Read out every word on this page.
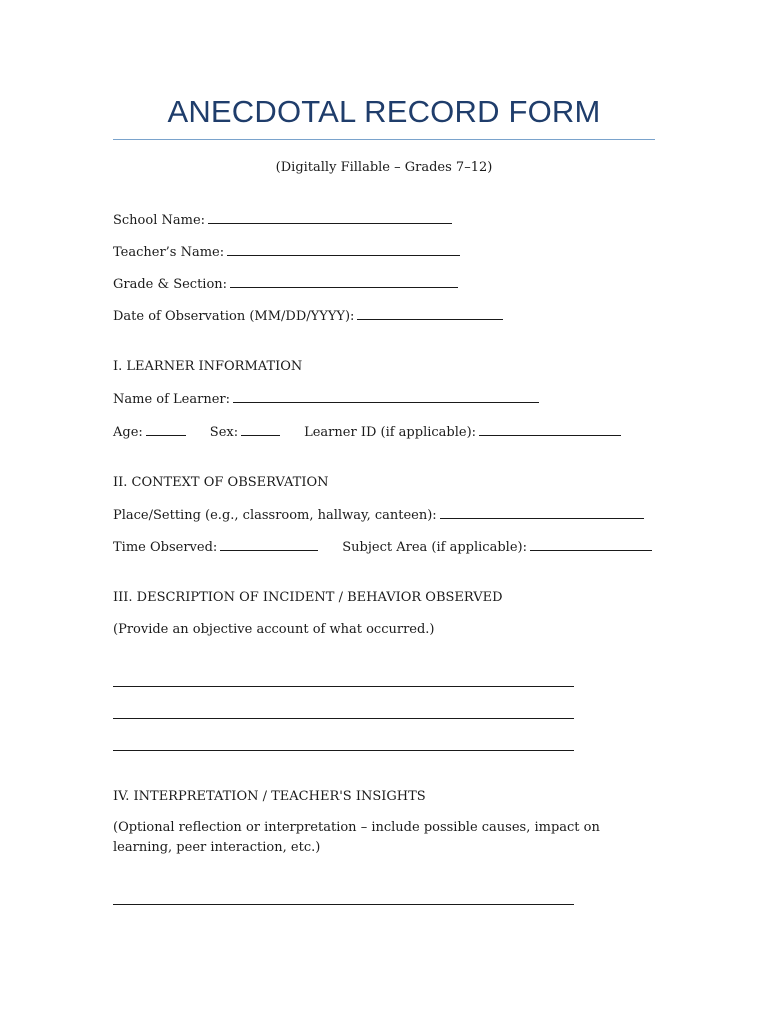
ANECDOTAL RECORD FORM
(Digitally Fillable – Grades 7–12)
School Name:
Teacher’s Name:
Grade & Section:
Date of Observation (MM/DD/YYYY):
I. LEARNER INFORMATION
Name of Learner:
Age:	Sex:	Learner ID (if applicable):
II. CONTEXT OF OBSERVATION
Place/Setting (e.g., classroom, hallway, canteen):
Time Observed:	Subject Area (if applicable):
III. DESCRIPTION OF INCIDENT / BEHAVIOR OBSERVED
(Provide an objective account of what occurred.)
IV. INTERPRETATION / TEACHER'S INSIGHTS
(Optional reflection or interpretation – include possible causes, impact on learning, peer interaction, etc.)
